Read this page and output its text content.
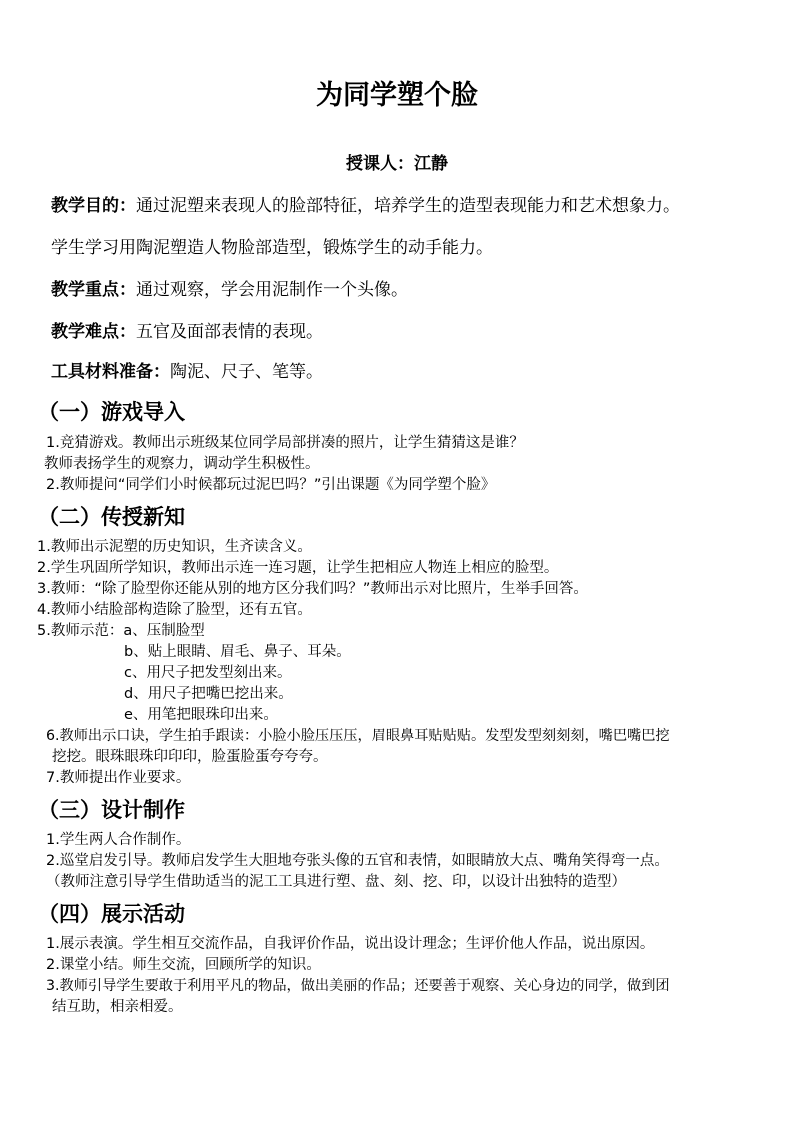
为同学塑个脸
授课人：江静
教学目的：通过泥塑来表现人的脸部特征，培养学生的造型表现能力和艺术想象力。
学生学习用陶泥塑造人物脸部造型，锻炼学生的动手能力。
教学重点：通过观察，学会用泥制作一个头像。
教学难点：五官及面部表情的表现。
工具材料准备：陶泥、尺子、笔等。
（一）游戏导入
1.竞猜游戏。教师出示班级某位同学局部拼凑的照片，让学生猜猜这是谁？
教师表扬学生的观察力，调动学生积极性。
2.教师提问“同学们小时候都玩过泥巴吗？”引出课题《为同学塑个脸》
（二）传授新知
1.教师出示泥塑的历史知识，生齐读含义。
2.学生巩固所学知识，教师出示连一连习题，让学生把相应人物连上相应的脸型。
3.教师：“除了脸型你还能从别的地方区分我们吗？”教师出示对比照片，生举手回答。
4.教师小结脸部构造除了脸型，还有五官。
5.教师示范：a、压制脸型
b、贴上眼睛、眉毛、鼻子、耳朵。
c、用尺子把发型刻出来。
d、用尺子把嘴巴挖出来。
e、用笔把眼珠印出来。
6.教师出示口诀，学生拍手跟读：小脸小脸压压压，眉眼鼻耳贴贴贴。发型发型刻刻刻，嘴巴嘴巴挖
挖挖。眼珠眼珠印印印，脸蛋脸蛋夸夸夸。
7.教师提出作业要求。
（三）设计制作
1.学生两人合作制作。
2.巡堂启发引导。教师启发学生大胆地夸张头像的五官和表情，如眼睛放大点、嘴角笑得弯一点。
（教师注意引导学生借助适当的泥工工具进行塑、盘、刻、挖、印，以设计出独特的造型）
（四）展示活动
1.展示表演。学生相互交流作品，自我评价作品，说出设计理念；生评价他人作品，说出原因。
2.课堂小结。师生交流，回顾所学的知识。
3.教师引导学生要敢于利用平凡的物品，做出美丽的作品；还要善于观察、关心身边的同学，做到团
结互助，相亲相爱。
